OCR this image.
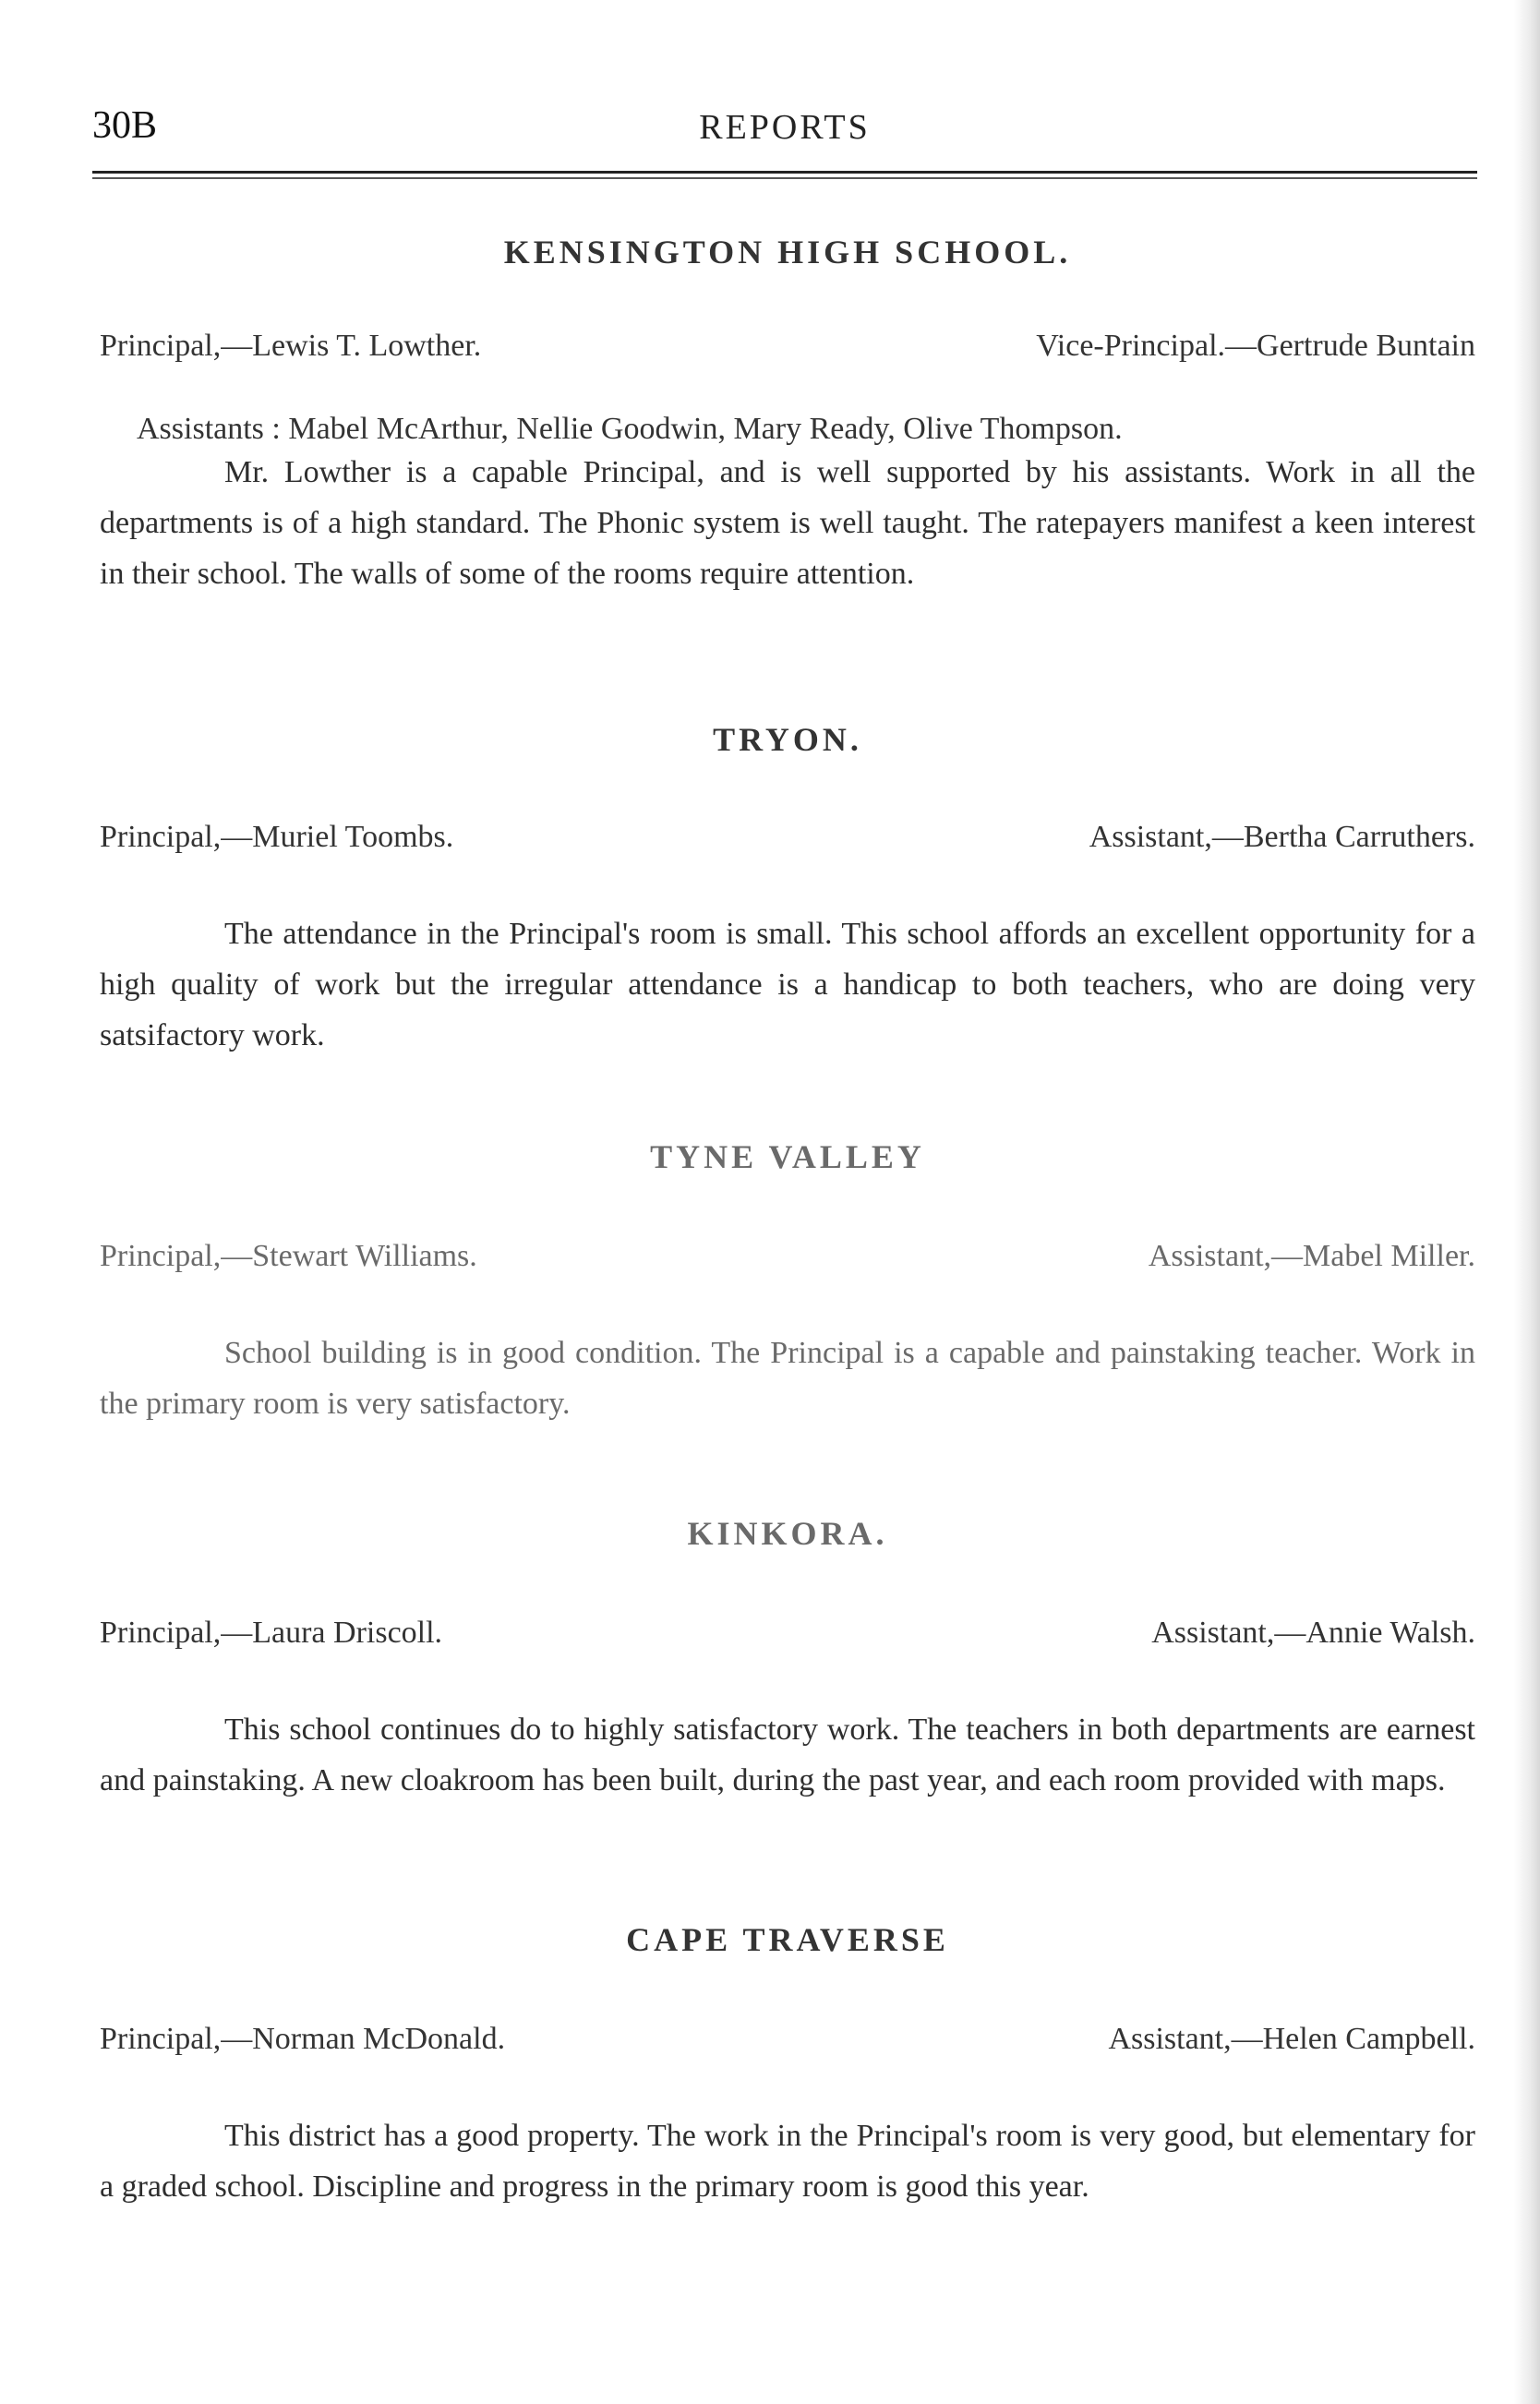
30B	REPORTS
KENSINGTON HIGH SCHOOL.
Principal,—Lewis T. Lowther.	Vice-Principal.—Gertrude Buntain
Assistants : Mabel McArthur, Nellie Goodwin, Mary Ready, Olive Thompson.

Mr. Lowther is a capable Principal, and is well supported by his assistants. Work in all the departments is of a high standard. The Phonic system is well taught. The ratepayers manifest a keen interest in their school. The walls of some of the rooms require attention.

TRYON.
Principal,—Muriel Toombs.	Assistant,—Bertha Carruthers.

The attendance in the Principal's room is small. This school affords an excellent opportunity for a high quality of work but the irregular attendance is a handicap to both teachers, who are doing very satsifactory work.

TYNE VALLEY
Principal,—Stewart Williams.	Assistant,—Mabel Miller.

School building is in good condition. The Principal is a capable and painstaking teacher. Work in the primary room is very satisfactory.

KINKORA.
Principal,—Laura Driscoll.	Assistant,—Annie Walsh.

This school continues do to highly satisfactory work. The teachers in both departments are earnest and painstaking. A new cloakroom has been built, during the past year, and each room provided with maps.

CAPE TRAVERSE
Principal,—Norman McDonald.	Assistant,—Helen Campbell.

This district has a good property. The work in the Principal's room is very good, but elementary for a graded school. Discipline and progress in the primary room is good this year.
